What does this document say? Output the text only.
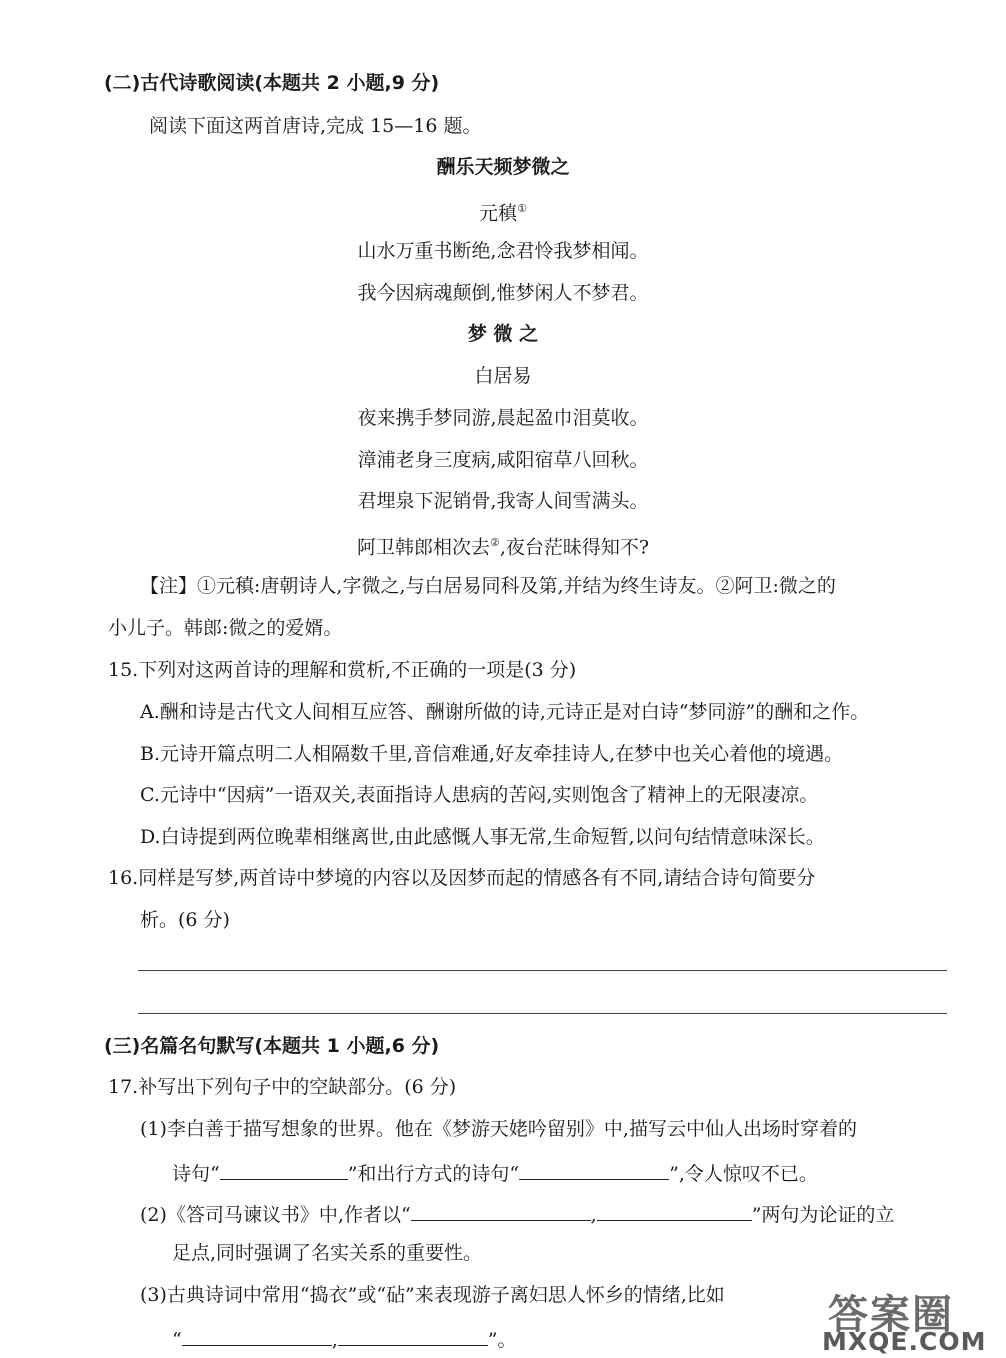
(二)古代诗歌阅读(本题共 2 小题,9 分)
阅读下面这两首唐诗,完成 15—16 题。
酬乐天频梦微之
元稹①
山水万重书断绝,念君怜我梦相闻。
我今因病魂颠倒,惟梦闲人不梦君。
梦 微 之
白居易
夜来携手梦同游,晨起盈巾泪莫收。
漳浦老身三度病,咸阳宿草八回秋。
君埋泉下泥销骨,我寄人间雪满头。
阿卫韩郎相次去②,夜台茫昧得知不?
【注】①元稹:唐朝诗人,字微之,与白居易同科及第,并结为终生诗友。②阿卫:微之的
小儿子。韩郎:微之的爱婿。
15.下列对这两首诗的理解和赏析,不正确的一项是(3 分)
A.酬和诗是古代文人间相互应答、酬谢所做的诗,元诗正是对白诗“梦同游”的酬和之作。
B.元诗开篇点明二人相隔数千里,音信难通,好友牵挂诗人,在梦中也关心着他的境遇。
C.元诗中“因病”一语双关,表面指诗人患病的苦闷,实则饱含了精神上的无限凄凉。
D.白诗提到两位晚辈相继离世,由此感慨人事无常,生命短暂,以问句结情意味深长。
16.同样是写梦,两首诗中梦境的内容以及因梦而起的情感各有不同,请结合诗句简要分
析。(6 分)
(三)名篇名句默写(本题共 1 小题,6 分)
17.补写出下列句子中的空缺部分。(6 分)
(1)李白善于描写想象的世界。他在《梦游天姥吟留别》中,描写云中仙人出场时穿着的
诗句“	”和出行方式的诗句“	”,令人惊叹不已。
(2)《答司马谏议书》中,作者以“	,	”两句为论证的立
足点,同时强调了名实关系的重要性。
(3)古典诗词中常用“捣衣”或“砧”来表现游子离妇思人怀乡的情绪,比如
“	,	”。
答案圈
MXQE.COM
